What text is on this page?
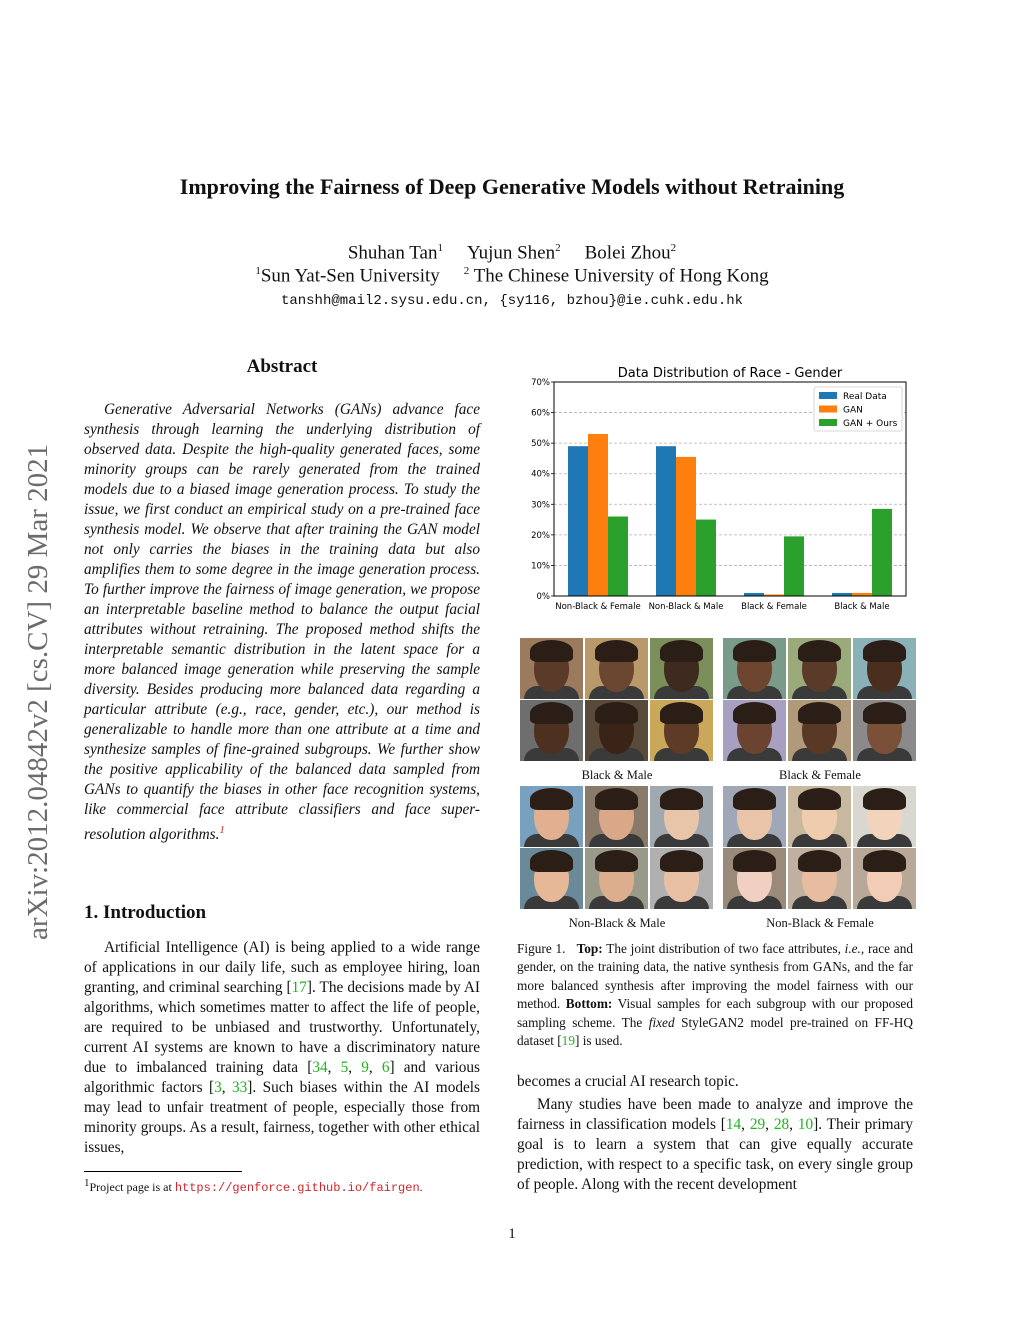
Improving the Fairness of Deep Generative Models without Retraining
Shuhan Tan$^1$ Yujun Shen$^2$ Bolei Zhou$^2$
$^1$Sun Yat-Sen University $^2$ The Chinese University of Hong Kong
tanshh@mail2.sysu.edu.cn, {sy116, bzhou}@ie.cuhk.edu.hk
arXiv:2012.04842v2 [cs.CV] 29 Mar 2021
Abstract
Generative Adversarial Networks (GANs) advance face synthesis through learning the underlying distribution of observed data. Despite the high-quality generated faces, some minority groups can be rarely generated from the trained models due to a biased image generation process. To study the issue, we first conduct an empirical study on a pre-trained face synthesis model. We observe that after training the GAN model not only carries the biases in the training data but also amplifies them to some degree in the image generation process. To further improve the fairness of image generation, we propose an interpretable baseline method to balance the output facial attributes without retraining. The proposed method shifts the interpretable semantic distribution in the latent space for a more balanced image generation while preserving the sample diversity. Besides producing more balanced data regarding a particular attribute (e.g., race, gender, etc.), our method is generalizable to handle more than one attribute at a time and synthesize samples of fine-grained subgroups. We further show the positive applicability of the balanced data sampled from GANs to quantify the biases in other face recognition systems, like commercial face attribute classifiers and face super-resolution algorithms.$^1$
1. Introduction
Artificial Intelligence (AI) is being applied to a wide range of applications in our daily life, such as employee hiring, loan granting, and criminal searching [17]. The decisions made by AI algorithms, which sometimes matter to affect the life of people, are required to be unbiased and trustworthy. Unfortunately, current AI systems are known to have a discriminatory nature due to imbalanced training data [34, 5, 9, 6] and various algorithmic factors [3, 33]. Such biases within the AI models may lead to unfair treatment of people, especially those from minority groups. As a result, fairness, together with other ethical issues,
$^1$Project page is at https://genforce.github.io/fairgen.
Data Distribution of Race - Gender
0%
10%
20%
30%
40%
50%
60%
70%
Non-Black & Female Non-Black & Male Black & Female	Black & Male
Real Data
GAN
GAN + Ours
Black & Male	Black & Female
Non-Black & Male	Non-Black & Female
Figure 1. Top: The joint distribution of two face attributes, i.e., race and gender, on the training data, the native synthesis from GANs, and the far more balanced synthesis after improving the model fairness with our method. Bottom: Visual samples for each subgroup with our proposed sampling scheme. The fixed StyleGAN2 model pre-trained on FF-HQ dataset [19] is used.

becomes a crucial AI research topic.

Many studies have been made to analyze and improve the fairness in classification models [14, 29, 28, 10]. Their primary goal is to learn a system that can give equally accurate prediction, with respect to a specific task, on every single group of people. Along with the recent development

1
